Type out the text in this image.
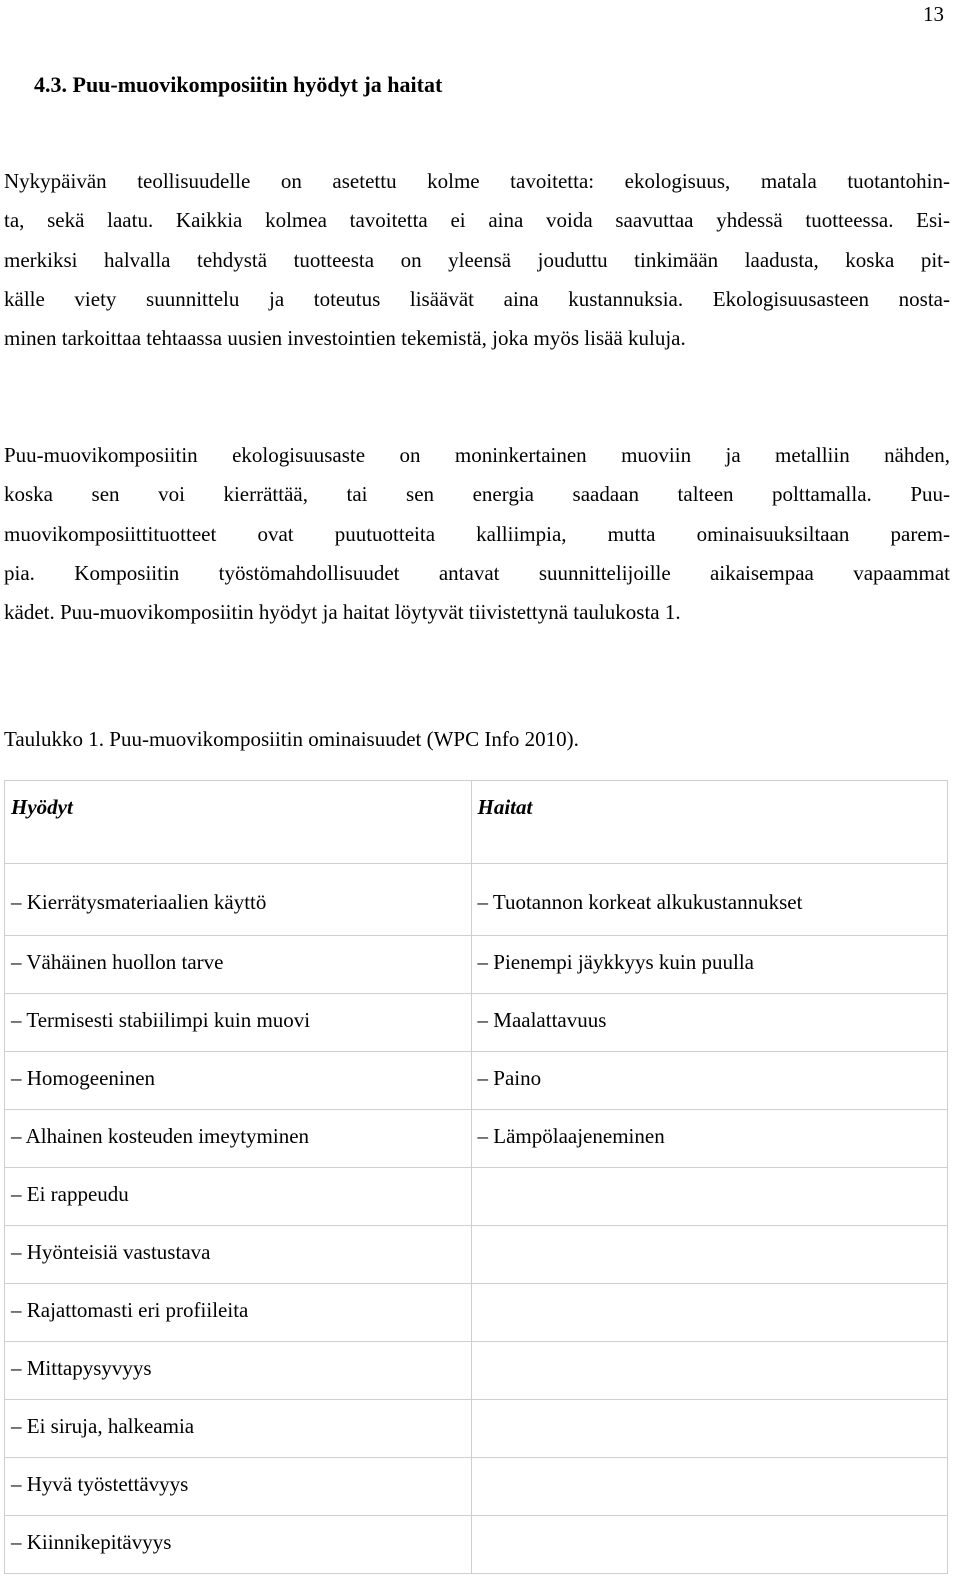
13
4.3. Puu-muovikomposiitin hyödyt ja haitat

Nykypäivän teollisuudelle on asetettu kolme tavoitetta: ekologisuus, matala tuotantohin-
ta, sekä laatu. Kaikkia kolmea tavoitetta ei aina voida saavuttaa yhdessä tuotteessa. Esi-
merkiksi halvalla tehdystä tuotteesta on yleensä jouduttu tinkimään laadusta, koska pit-
källe viety suunnittelu ja toteutus lisäävät aina kustannuksia. Ekologisuusasteen nosta-
minen tarkoittaa tehtaassa uusien investointien tekemistä, joka myös lisää kuluja.

Puu-muovikomposiitin ekologisuusaste on moninkertainen muoviin ja metalliin nähden,
koska sen voi kierrättää, tai sen energia saadaan talteen polttamalla. Puu-
muovikomposiittituotteet ovat puutuotteita kalliimpia, mutta ominaisuuksiltaan parem-
pia. Komposiitin työstömahdollisuudet antavat suunnittelijoille aikaisempaa vapaammat
kädet. Puu-muovikomposiitin hyödyt ja haitat löytyvät tiivistettynä taulukosta 1.

Taulukko 1. Puu-muovikomposiitin ominaisuudet (WPC Info 2010).

Hyödyt	Haitat
– Kierrätysmateriaalien käyttö	– Tuotannon korkeat alkukustannukset
– Vähäinen huollon tarve	– Pienempi jäykkyys kuin puulla
– Termisesti stabiilimpi kuin muovi	– Maalattavuus
– Homogeeninen	– Paino
– Alhainen kosteuden imeytyminen	– Lämpölaajeneminen
– Ei rappeudu	
– Hyönteisiä vastustava	
– Rajattomasti eri profiileita	
– Mittapysyvyys	
– Ei siruja, halkeamia	
– Hyvä työstettävyys	
– Kiinnikepitävyys	
